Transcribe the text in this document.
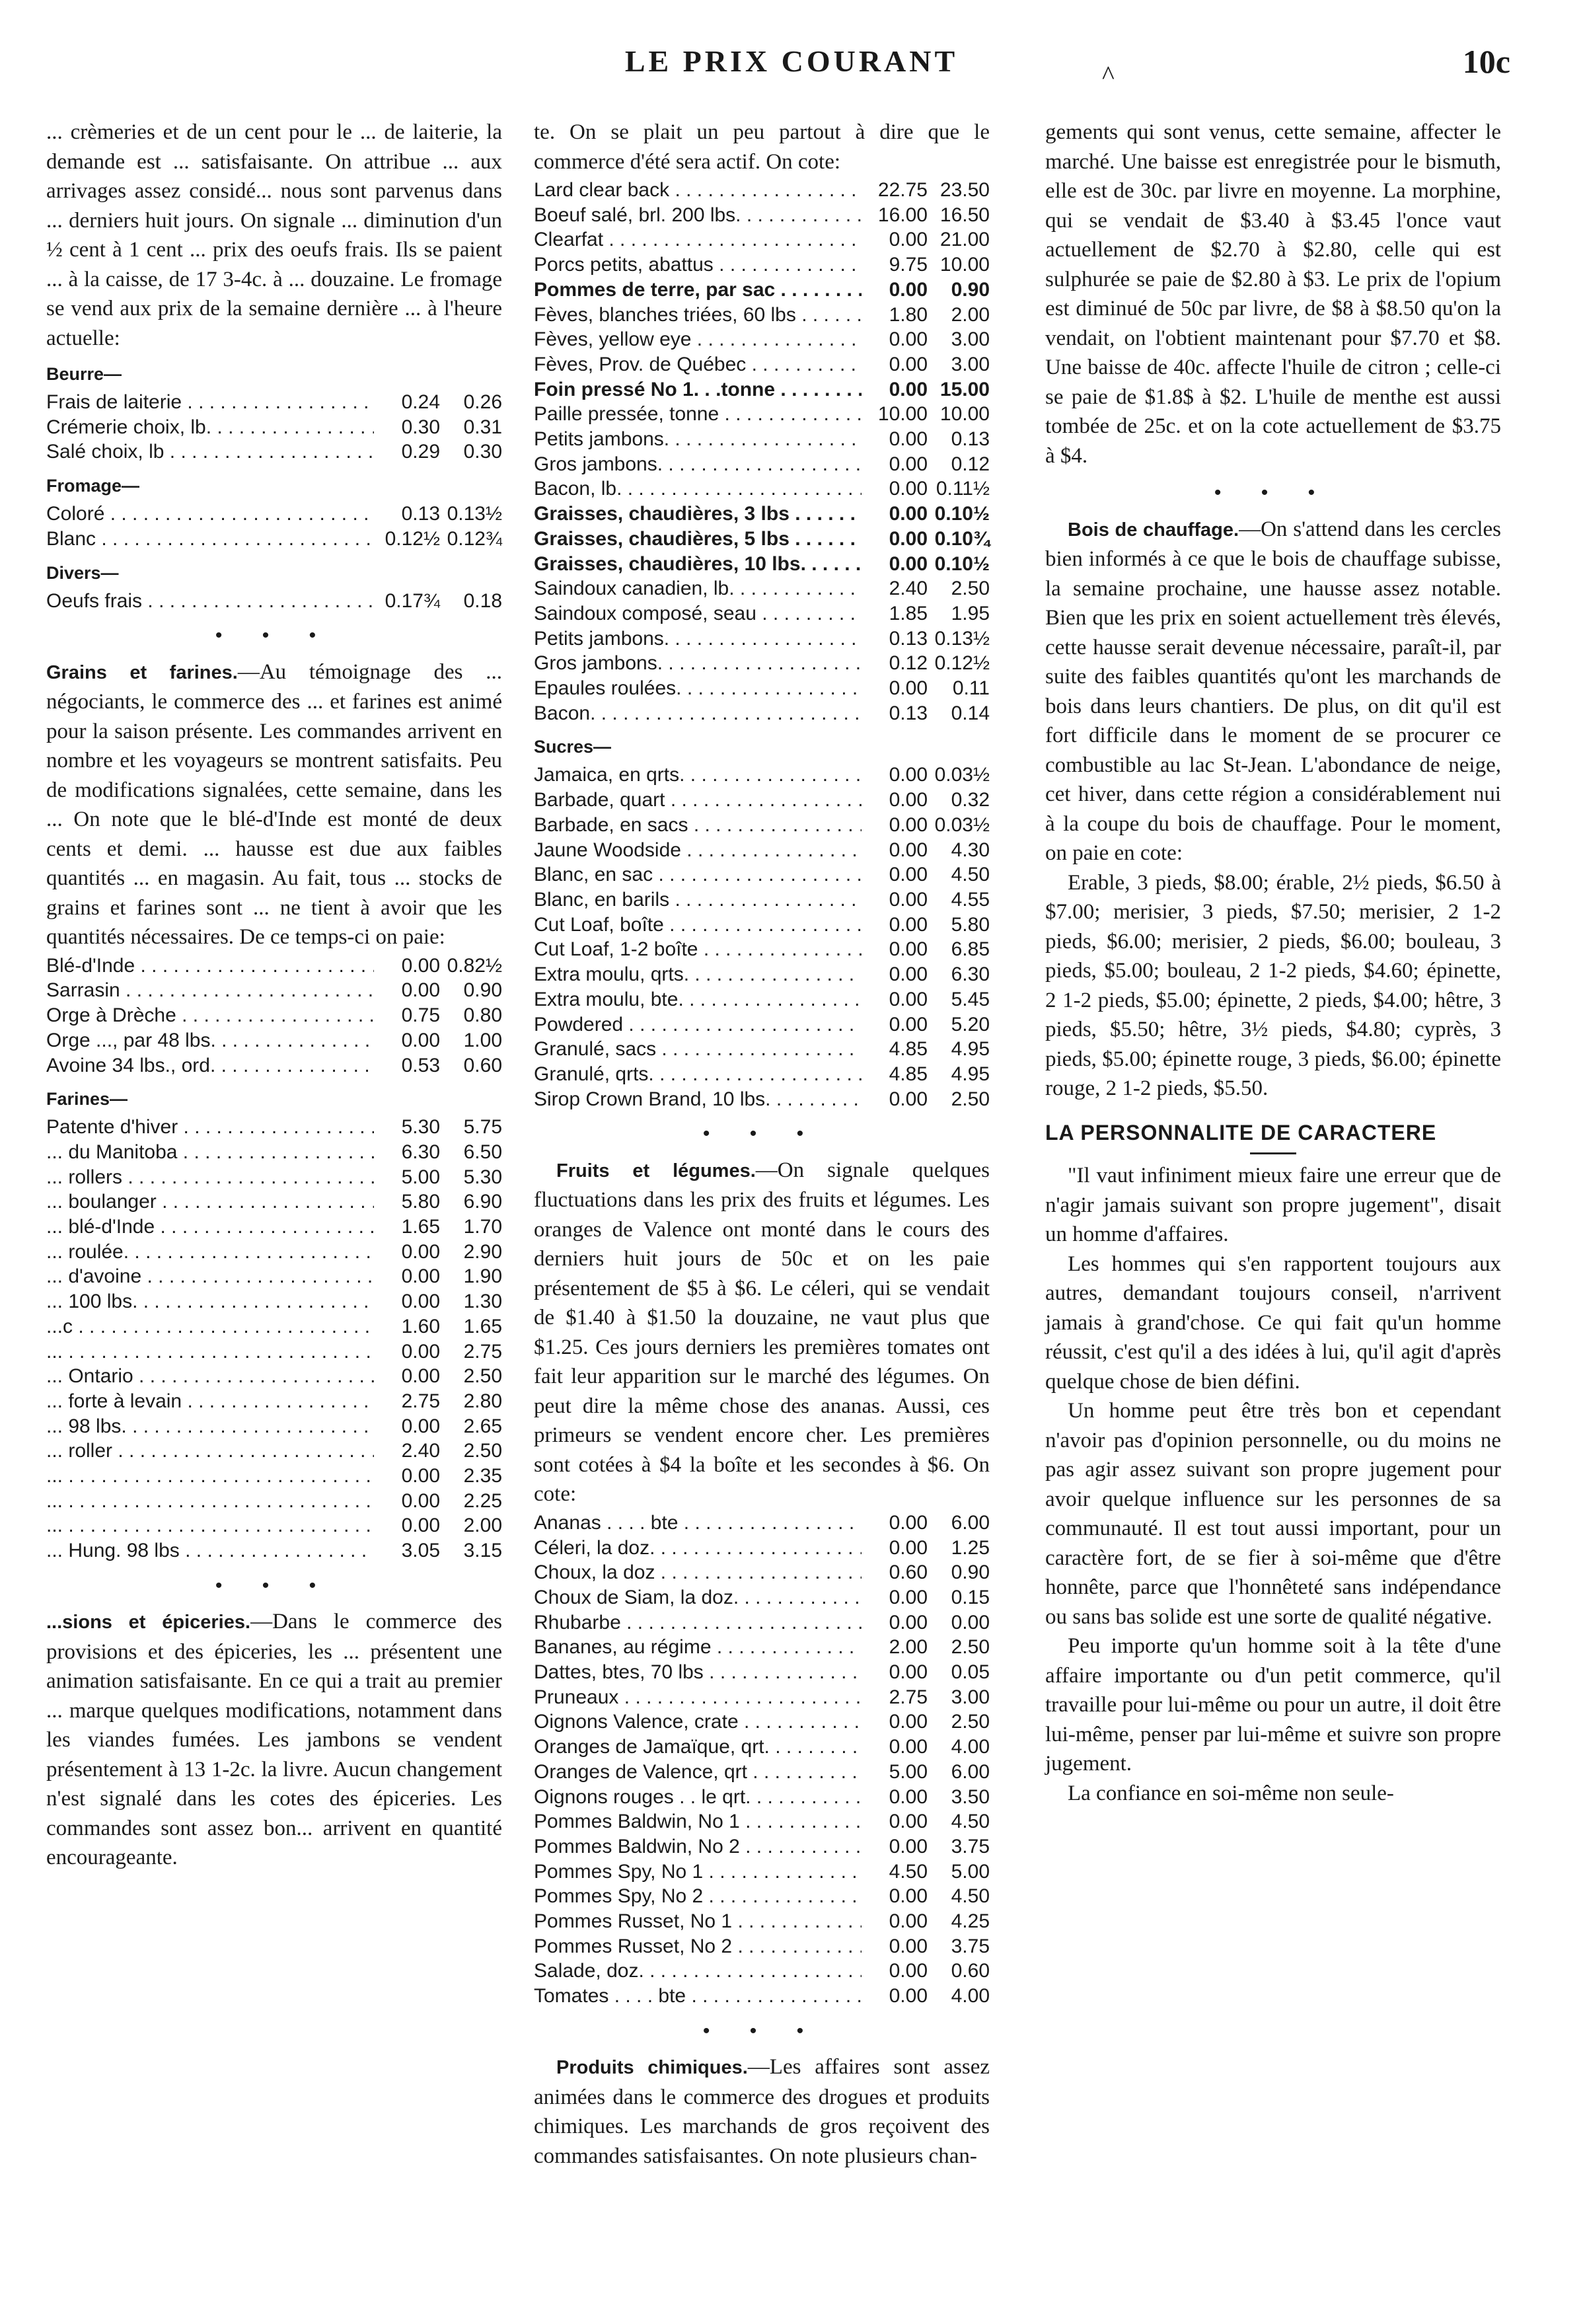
LE PRIX COURANT	^	10c

... crèmeries et de un cent pour le ... de laiterie, la demande est ... satisfaisante. On attribue ... aux arrivages assez considé... nous sont parvenus dans ... derniers huit jours. On signale ... diminution d'un ½ cent à 1 cent ... prix des oeufs frais. Ils se paient ... à la caisse, de 17 3-4c. à ... douzaine. Le fromage se vend aux prix de la semaine dernière ... à l'heure actuelle:

Beurre—
Frais de laiterie . . .	0.24	0.26
Crémerie choix, lb. . . .	0.30	0.31
Salé choix, lb . . .	0.29	0.30
Fromage—
Coloré . . .	0.13 0.13½
Blanc . . .	0.12½ 0.12¾
Divers—
Oeufs frais . . .	0.17¾	0.18
• • •

Grains et farines.—Au témoignage des ... négociants, le commerce des ... et farines est animé pour la saison présente. Les commandes arrivent en nombre et les voyageurs se montrent satisfaits. Peu de modifications signalées, cette semaine, dans les ... On note que le blé-d'Inde est monté de deux cents et demi. ... hausse est due aux faibles quantités ... en magasin. Au fait, tous ... stocks de grains et farines sont ... ne tient à avoir que les quantités nécessaires. De ce temps-ci on paie:

Blé-d'Inde . . .	0.00 0.82½
Sarrasin . . .	0.00	0.90
Orge à Drèche . . .	0.75	0.80
Orge ..., par 48 lbs. . . .	0.00	1.00
Avoine 34 lbs., ord. . . .	0.53	0.60
Farines—
Patente d'hiver . . .	5.30	5.75
... du Manitoba . . .	6.30	6.50
... rollers . . .	5.00	5.30
... boulanger . . .	5.80	6.90
... blé-d'Inde . . .	1.65	1.70
... roulée. . . .	0.00	2.90
... d'avoine . . .	0.00	1.90
... 100 lbs. . . .	0.00	1.30
...c . . .	1.60	1.65
... . . .	0.00	2.75
... Ontario . . .	0.00	2.50
... forte à levain . . .	2.75	2.80
... 98 lbs. . . .	0.00	2.65
... roller . . .	2.40	2.50
... . . .	0.00	2.35
... . . .	0.00	2.25
... . . .	0.00	2.00
... Hung. 98 lbs . . .	3.05	3.15
• • •

...sions et épiceries.—Dans le commerce des provisions et des épiceries, les ... présentent une animation satisfaisante. En ce qui a trait au premier ... marque quelques modifications, notamment dans les viandes fumées. Les jambons se vendent présentement à 13 1-2c. la livre. Aucun changement n'est signalé dans les cotes des épiceries. Les commandes sont assez bon... arrivent en quantité encourageante.

te. On se plait un peu partout à dire que le commerce d'été sera actif. On cote:

Lard clear back . . .	22.75 23.50
Boeuf salé, brl. 200 lbs. . . .	16.00 16.50
Clearfat . . .	0.00 21.00
Porcs petits, abattus . . .	9.75 10.00
Pommes de terre, par sac . . .	0.00	0.90
Fèves, blanches triées, 60 lbs . . .	1.80	2.00
Fèves, yellow eye . . .	0.00	3.00
Fèves, Prov. de Québec . . .	0.00	3.00
Foin pressé No 1. . .tonne . . .	0.00 15.00
Paille pressée, tonne . . .	10.00 10.00
Petits jambons. . . .	0.00	0.13
Gros jambons. . . .	0.00	0.12
Bacon, lb. . . .	0.00 0.11½
Graisses, chaudières, 3 lbs . . .	0.00 0.10½
Graisses, chaudières, 5 lbs . . .	0.00 0.10¾
Graisses, chaudières, 10 lbs. . . .	0.00 0.10½
Saindoux canadien, lb. . . .	2.40	2.50
Saindoux composé, seau . . .	1.85	1.95
Petits jambons. . . .	0.13 0.13½
Gros jambons. . . .	0.12 0.12½
Epaules roulées. . . .	0.00	0.11
Bacon. . . .	0.13	0.14
Sucres—
Jamaica, en qrts. . . .	0.00 0.03½
Barbade, quart . . .	0.00	0.32
Barbade, en sacs . . .	0.00 0.03½
Jaune Woodside . . .	0.00	4.30
Blanc, en sac . . .	0.00	4.50
Blanc, en barils . . .	0.00	4.55
Cut Loaf, boîte . . .	0.00	5.80
Cut Loaf, 1-2 boîte . . .	0.00	6.85
Extra moulu, qrts. . . .	0.00	6.30
Extra moulu, bte. . . .	0.00	5.45
Powdered . . .	0.00	5.20
Granulé, sacs . . .	4.85	4.95
Granulé, qrts. . . .	4.85	4.95
Sirop Crown Brand, 10 lbs. . . .	0.00	2.50
• • •

Fruits et légumes.—On signale quelques fluctuations dans les prix des fruits et légumes. Les oranges de Valence ont monté dans le cours des derniers huit jours de 50c et on les paie présentement de $5 à $6. Le céleri, qui se vendait de $1.40 à $1.50 la douzaine, ne vaut plus que $1.25. Ces jours derniers les premières tomates ont fait leur apparition sur le marché des légumes. On peut dire la même chose des ananas. Aussi, ces primeurs se vendent encore cher. Les premières sont cotées à $4 la boîte et les secondes à $6. On cote:

Ananas . . . . bte . . .	0.00	6.00
Céleri, la doz. . . .	0.00	1.25
Choux, la doz . . .	0.60	0.90
Choux de Siam, la doz. . . .	0.00	0.15
Rhubarbe . . .	0.00	0.00
Bananes, au régime . . .	2.00	2.50
Dattes, btes, 70 lbs . . .	0.00	0.05
Pruneaux . . .	2.75	3.00
Oignons Valence, crate . . .	0.00	2.50
Oranges de Jamaïque, qrt. . . .	0.00	4.00
Oranges de Valence, qrt . . .	5.00	6.00
Oignons rouges . . le qrt. . . .	0.00	3.50
Pommes Baldwin, No 1 . . .	0.00	4.50
Pommes Baldwin, No 2 . . .	0.00	3.75
Pommes Spy, No 1 . . .	4.50	5.00
Pommes Spy, No 2 . . .	0.00	4.50
Pommes Russet, No 1 . . .	0.00	4.25
Pommes Russet, No 2 . . .	0.00	3.75
Salade, doz. . . .	0.00	0.60
Tomates . . . . bte . . .	0.00	4.00
• • •

Produits chimiques.—Les affaires sont assez animées dans le commerce des drogues et produits chimiques. Les marchands de gros reçoivent des commandes satisfaisantes. On note plusieurs chan-

gements qui sont venus, cette semaine, affecter le marché. Une baisse est enregistrée pour le bismuth, elle est de 30c. par livre en moyenne. La morphine, qui se vendait de $3.40 à $3.45 l'once vaut actuellement de $2.70 à $2.80, celle qui est sulphurée se paie de $2.80 à $3. Le prix de l'opium est diminué de 50c par livre, de $8 à $8.50 qu'on la vendait, on l'obtient maintenant pour $7.70 et $8. Une baisse de 40c. affecte l'huile de citron ; celle-ci se paie de $1.8$ à $2. L'huile de menthe est aussi tombée de 25c. et on la cote actuellement de $3.75 à $4.

• • •

Bois de chauffage.—On s'attend dans les cercles bien informés à ce que le bois de chauffage subisse, la semaine prochaine, une hausse assez notable. Bien que les prix en soient actuellement très élevés, cette hausse serait devenue nécessaire, paraît-il, par suite des faibles quantités qu'ont les marchands de bois dans leurs chantiers. De plus, on dit qu'il est fort difficile dans le moment de se procurer ce combustible au lac St-Jean. L'abondance de neige, cet hiver, dans cette région a considérablement nui à la coupe du bois de chauffage. Pour le moment, on paie en cote:

Erable, 3 pieds, $8.00; érable, 2½ pieds, $6.50 à $7.00; merisier, 3 pieds, $7.50; merisier, 2 1-2 pieds, $6.00; merisier, 2 pieds, $6.00; bouleau, 3 pieds, $5.00; bouleau, 2 1-2 pieds, $4.60; épinette, 2 1-2 pieds, $5.00; épinette, 2 pieds, $4.00; hêtre, 3 pieds, $5.50; hêtre, 3½ pieds, $4.80; cyprès, 3 pieds, $5.00; épinette rouge, 3 pieds, $6.00; épinette rouge, 2 1-2 pieds, $5.50.

LA PERSONNALITE DE CARACTERE

"Il vaut infiniment mieux faire une erreur que de n'agir jamais suivant son propre jugement", disait un homme d'affaires.

Les hommes qui s'en rapportent toujours aux autres, demandant toujours conseil, n'arrivent jamais à grand'chose. Ce qui fait qu'un homme réussit, c'est qu'il a des idées à lui, qu'il agit d'après quelque chose de bien défini.

Un homme peut être très bon et cependant n'avoir pas d'opinion personnelle, ou du moins ne pas agir assez suivant son propre jugement pour avoir quelque influence sur les personnes de sa communauté. Il est tout aussi important, pour un caractère fort, de se fier à soi-même que d'être honnête, parce que l'honnêteté sans indépendance ou sans bas solide est une sorte de qualité négative.

Peu importe qu'un homme soit à la tête d'une affaire importante ou d'un petit commerce, qu'il travaille pour lui-même ou pour un autre, il doit être lui-même, penser par lui-même et suivre son propre jugement.

La confiance en soi-même non seule-
